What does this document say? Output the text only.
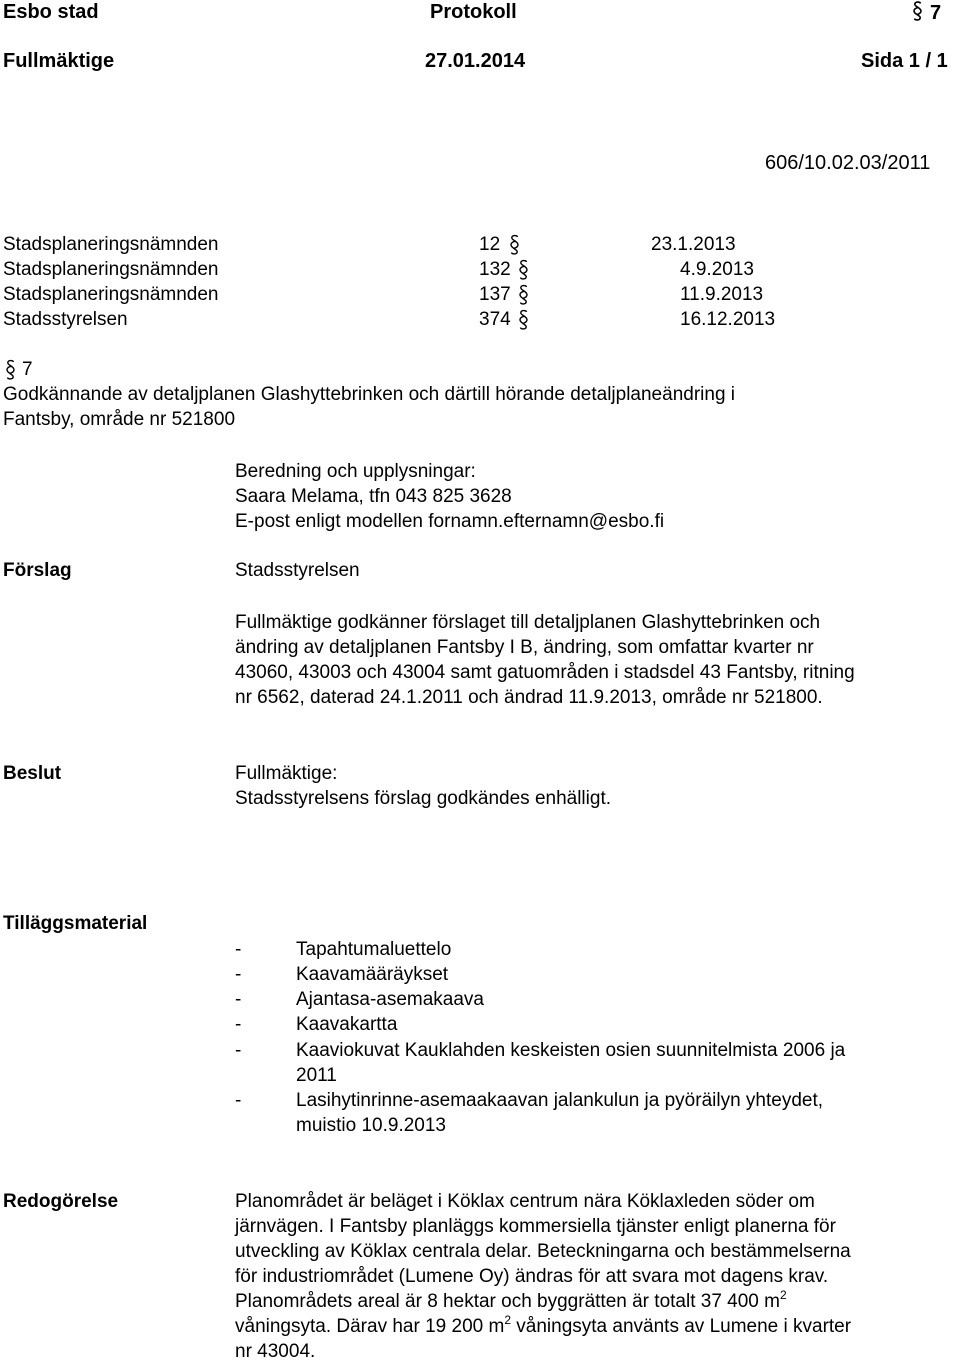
Esbo stad	Protokoll	7
Fullmäktige	27.01.2014	Sida 1 / 1
606/10.02.03/2011
Stadsplaneringsnämnden	12	23.1.2013
Stadsplaneringsnämnden	132	4.9.2013
Stadsplaneringsnämnden	137	11.9.2013
Stadsstyrelsen	374	16.12.2013
7
Godkännande av detaljplanen Glashyttebrinken och därtill hörande detaljplaneändring i
Fantsby, område nr 521800
Beredning och upplysningar:
Saara Melama, tfn 043 825 3628
E-post enligt modellen fornamn.efternamn@esbo.fi
Förslag	Stadsstyrelsen
Fullmäktige godkänner förslaget till detaljplanen Glashyttebrinken och
ändring av detaljplanen Fantsby I B, ändring, som omfattar kvarter nr
43060, 43003 och 43004 samt gatuområden i stadsdel 43 Fantsby, ritning
nr 6562, daterad 24.1.2011 och ändrad 11.9.2013, område nr 521800.
Beslut	Fullmäktige:
Stadsstyrelsens förslag godkändes enhälligt.
Tilläggsmaterial
-	Tapahtumaluettelo
-	Kaavamääräykset
-	Ajantasa-asemakaava
-	Kaavakartta
-	Kaaviokuvat Kauklahden keskeisten osien suunnitelmista 2006 ja
2011
-	Lasihytinrinne-asemaakaavan jalankulun ja pyöräilyn yhteydet,
muistio 10.9.2013
Redogörelse	Planområdet är beläget i Köklax centrum nära Köklaxleden söder om
järnvägen. I Fantsby planläggs kommersiella tjänster enligt planerna för
utveckling av Köklax centrala delar. Beteckningarna och bestämmelserna
för industriområdet (Lumene Oy) ändras för att svara mot dagens krav.
Planområdets areal är 8 hektar och byggrätten är totalt 37 400 $m^2$
våningsyta. Därav har 19 200 $m^2$ våningsyta använts av Lumene i kvarter
nr 43004.
